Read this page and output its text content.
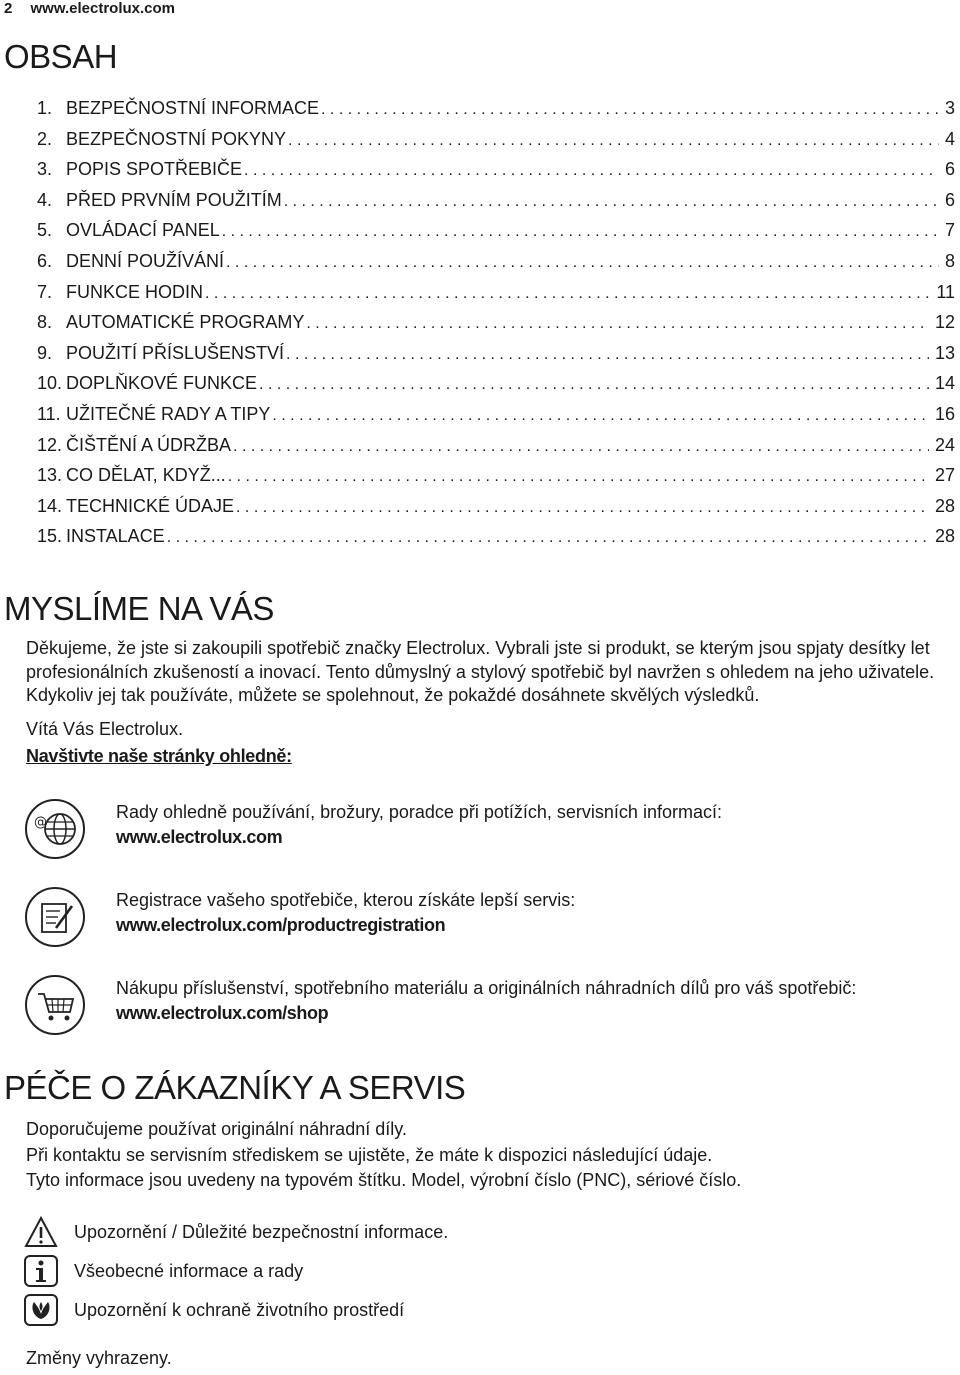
2 www.electrolux.com
OBSAH
1. BEZPEČNOSTNÍ INFORMACE . . .	3
2. BEZPEČNOSTNÍ POKYNY . . .	4
3. POPIS SPOTŘEBIČE . . .	6
4. PŘED PRVNÍM POUŽITÍM . . .	6
5. OVLÁDACÍ PANEL . . .	7
6. DENNÍ POUŽÍVÁNÍ . . .	8
7. FUNKCE HODIN . . .	11
8. AUTOMATICKÉ PROGRAMY . . .	12
9. POUŽITÍ PŘÍSLUŠENSTVÍ . . .	13
10. DOPLŇKOVÉ FUNKCE . . .	14
11. UŽITEČNÉ RADY A TIPY . . .	16
12. ČIŠTĚNÍ A ÚDRŽBA . . .	24
13. CO DĚLAT, KDYŽ... . . .	27
14. TECHNICKÉ ÚDAJE . . .	28
15. INSTALACE . . .	28
MYSLÍME NA VÁS

Děkujeme, že jste si zakoupili spotřebič značky Electrolux. Vybrali jste si produkt, se kterým jsou spjaty desítky let profesionálních zkušeností a inovací. Tento důmyslný a stylový spotřebič byl navržen s ohledem na jeho uživatele. Kdykoliv jej tak používáte, můžete se spolehnout, že pokaždé dosáhnete skvělých výsledků.

Vítá Vás Electrolux.

Navštivte naše stránky ohledně:

@
Rady ohledně používání, brožury, poradce při potížích, servisních informací:
www.electrolux.com
Registrace vašeho spotřebiče, kterou získáte lepší servis:
www.electrolux.com/productregistration
Nákupu příslušenství, spotřebního materiálu a originálních náhradních dílů pro váš spotřebič:
www.electrolux.com/shop
PÉČE O ZÁKAZNÍKY A SERVIS

Doporučujeme používat originální náhradní díly.

Při kontaktu se servisním střediskem se ujistěte, že máte k dispozici následující údaje.

Tyto informace jsou uvedeny na typovém štítku. Model, výrobní číslo (PNC), sériové číslo.

Upozornění / Důležité bezpečnostní informace.
Všeobecné informace a rady
Upozornění k ochraně životního prostředí
Změny vyhrazeny.
